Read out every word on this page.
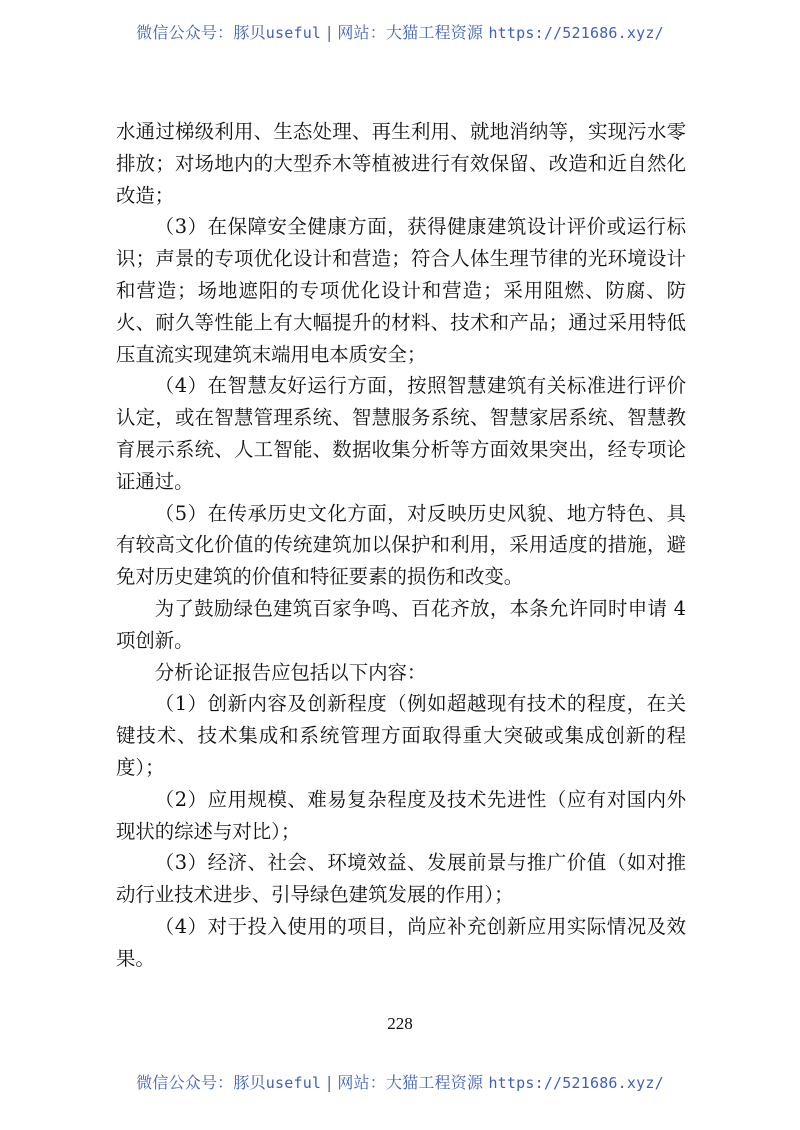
微信公众号：豚贝useful | 网站：大猫工程资源 https://521686.xyz/

水通过梯级利用、生态处理、再生利用、就地消纳等，实现污水零排放；对场地内的大型乔木等植被进行有效保留、改造和近自然化改造；

（3）在保障安全健康方面，获得健康建筑设计评价或运行标识；声景的专项优化设计和营造；符合人体生理节律的光环境设计和营造；场地遮阳的专项优化设计和营造；采用阻燃、防腐、防火、耐久等性能上有大幅提升的材料、技术和产品；通过采用特低压直流实现建筑末端用电本质安全；

（4）在智慧友好运行方面，按照智慧建筑有关标准进行评价认定，或在智慧管理系统、智慧服务系统、智慧家居系统、智慧教育展示系统、人工智能、数据收集分析等方面效果突出，经专项论证通过。

（5）在传承历史文化方面，对反映历史风貌、地方特色、具有较高文化价值的传统建筑加以保护和利用，采用适度的措施，避免对历史建筑的价值和特征要素的损伤和改变。

为了鼓励绿色建筑百家争鸣、百花齐放，本条允许同时申请 4 项创新。

分析论证报告应包括以下内容：

（1）创新内容及创新程度（例如超越现有技术的程度，在关键技术、技术集成和系统管理方面取得重大突破或集成创新的程度）；

（2）应用规模、难易复杂程度及技术先进性（应有对国内外现状的综述与对比）；

（3）经济、社会、环境效益、发展前景与推广价值（如对推动行业技术进步、引导绿色建筑发展的作用）；

（4）对于投入使用的项目，尚应补充创新应用实际情况及效果。

228
微信公众号：豚贝useful | 网站：大猫工程资源 https://521686.xyz/
